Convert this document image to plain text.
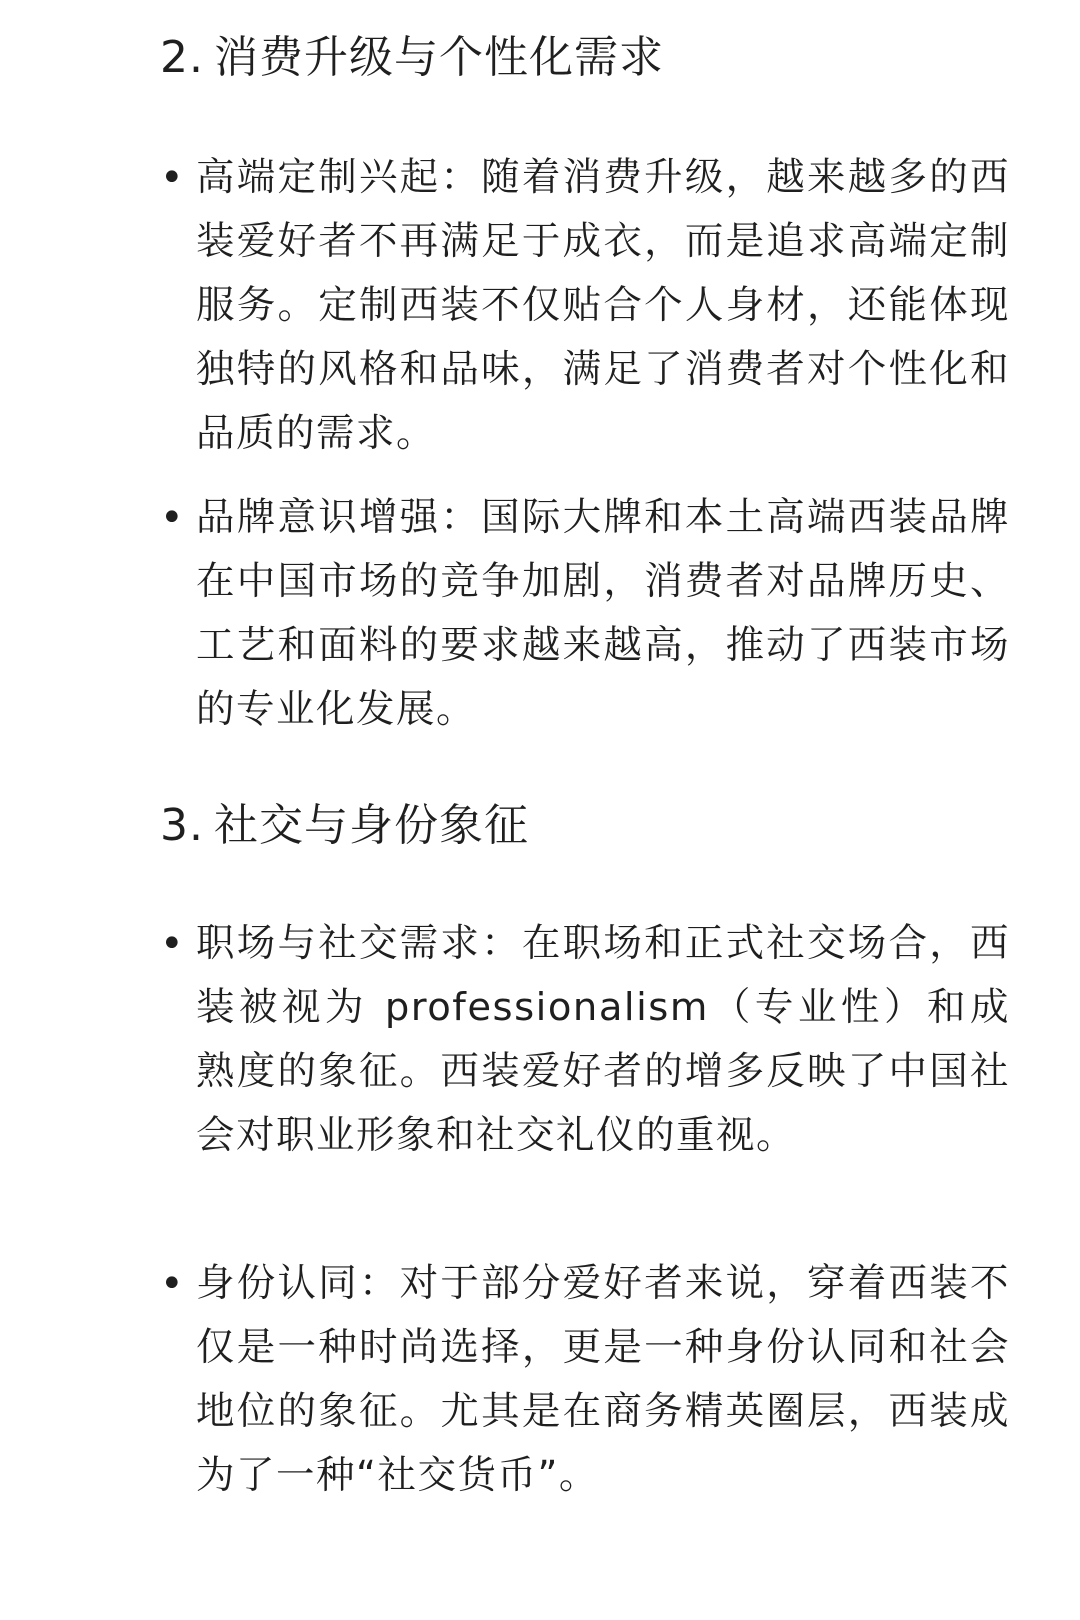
2. 消费升级与个性化需求
• 高端定制兴起：随着消费升级，越来越多的西装爱好者不再满足于成衣，而是追求高端定制服务。定制西装不仅贴合个人身材，还能体现独特的风格和品味，满足了消费者对个性化和品质的需求。

• 品牌意识增强：国际大牌和本土高端西装品牌在中国市场的竞争加剧，消费者对品牌历史、工艺和面料的要求越来越高，推动了西装市场的专业化发展。

3. 社交与身份象征
• 职场与社交需求：在职场和正式社交场合，西装被视为 professionalism（专业性）和成熟度的象征。西装爱好者的增多反映了中国社会对职业形象和社交礼仪的重视。

• 身份认同：对于部分爱好者来说，穿着西装不仅是一种时尚选择，更是一种身份认同和社会地位的象征。尤其是在商务精英圈层，西装成为了一种“社交货币”。
